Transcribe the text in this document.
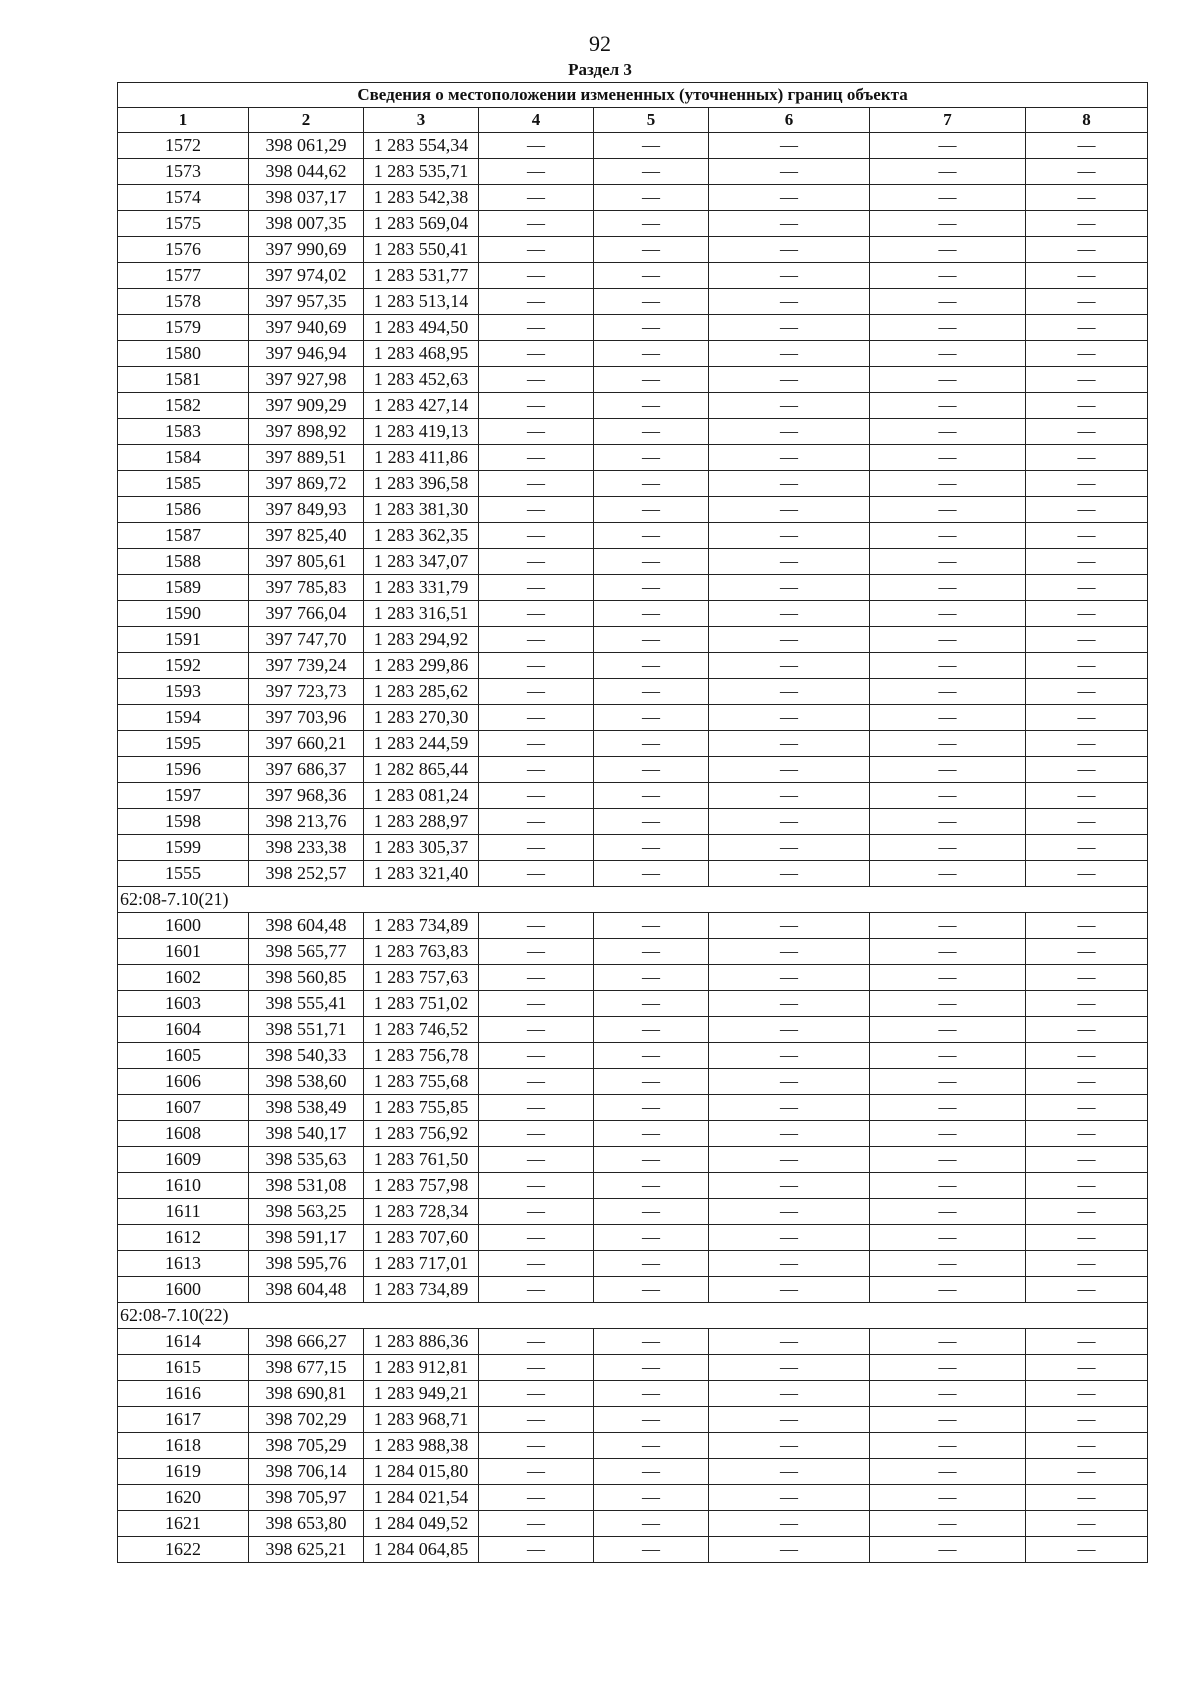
92
Раздел 3
Сведения о местоположении измененных (уточненных) границ объекта							
1	2	3	4	5	6	7	8
1572	398 061,29	1 283 554,34	—	—	—	—	—
1573	398 044,62	1 283 535,71	—	—	—	—	—
1574	398 037,17	1 283 542,38	—	—	—	—	—
1575	398 007,35	1 283 569,04	—	—	—	—	—
1576	397 990,69	1 283 550,41	—	—	—	—	—
1577	397 974,02	1 283 531,77	—	—	—	—	—
1578	397 957,35	1 283 513,14	—	—	—	—	—
1579	397 940,69	1 283 494,50	—	—	—	—	—
1580	397 946,94	1 283 468,95	—	—	—	—	—
1581	397 927,98	1 283 452,63	—	—	—	—	—
1582	397 909,29	1 283 427,14	—	—	—	—	—
1583	397 898,92	1 283 419,13	—	—	—	—	—
1584	397 889,51	1 283 411,86	—	—	—	—	—
1585	397 869,72	1 283 396,58	—	—	—	—	—
1586	397 849,93	1 283 381,30	—	—	—	—	—
1587	397 825,40	1 283 362,35	—	—	—	—	—
1588	397 805,61	1 283 347,07	—	—	—	—	—
1589	397 785,83	1 283 331,79	—	—	—	—	—
1590	397 766,04	1 283 316,51	—	—	—	—	—
1591	397 747,70	1 283 294,92	—	—	—	—	—
1592	397 739,24	1 283 299,86	—	—	—	—	—
1593	397 723,73	1 283 285,62	—	—	—	—	—
1594	397 703,96	1 283 270,30	—	—	—	—	—
1595	397 660,21	1 283 244,59	—	—	—	—	—
1596	397 686,37	1 282 865,44	—	—	—	—	—
1597	397 968,36	1 283 081,24	—	—	—	—	—
1598	398 213,76	1 283 288,97	—	—	—	—	—
1599	398 233,38	1 283 305,37	—	—	—	—	—
1555	398 252,57	1 283 321,40	—	—	—	—	—
62:08-7.10(21)							
1600	398 604,48	1 283 734,89	—	—	—	—	—
1601	398 565,77	1 283 763,83	—	—	—	—	—
1602	398 560,85	1 283 757,63	—	—	—	—	—
1603	398 555,41	1 283 751,02	—	—	—	—	—
1604	398 551,71	1 283 746,52	—	—	—	—	—
1605	398 540,33	1 283 756,78	—	—	—	—	—
1606	398 538,60	1 283 755,68	—	—	—	—	—
1607	398 538,49	1 283 755,85	—	—	—	—	—
1608	398 540,17	1 283 756,92	—	—	—	—	—
1609	398 535,63	1 283 761,50	—	—	—	—	—
1610	398 531,08	1 283 757,98	—	—	—	—	—
1611	398 563,25	1 283 728,34	—	—	—	—	—
1612	398 591,17	1 283 707,60	—	—	—	—	—
1613	398 595,76	1 283 717,01	—	—	—	—	—
1600	398 604,48	1 283 734,89	—	—	—	—	—
62:08-7.10(22)							
1614	398 666,27	1 283 886,36	—	—	—	—	—
1615	398 677,15	1 283 912,81	—	—	—	—	—
1616	398 690,81	1 283 949,21	—	—	—	—	—
1617	398 702,29	1 283 968,71	—	—	—	—	—
1618	398 705,29	1 283 988,38	—	—	—	—	—
1619	398 706,14	1 284 015,80	—	—	—	—	—
1620	398 705,97	1 284 021,54	—	—	—	—	—
1621	398 653,80	1 284 049,52	—	—	—	—	—
1622	398 625,21	1 284 064,85	—	—	—	—	—
